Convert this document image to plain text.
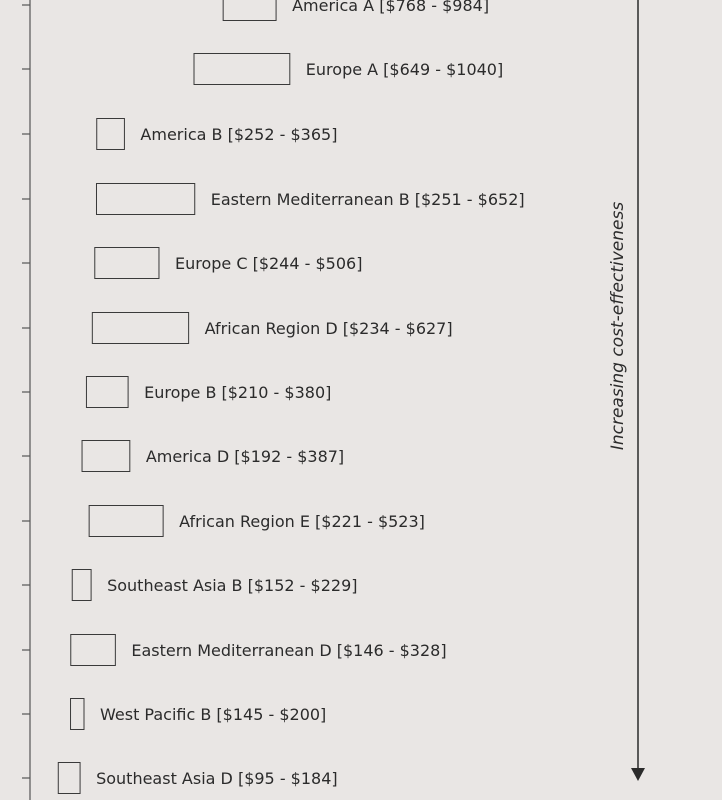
America A [$768 - $984]
Europe A [$649 - $1040]
America B [$252 - $365]
Eastern Mediterranean B [$251 - $652]
Europe C [$244 - $506]
African Region D [$234 - $627]
Europe B [$210 - $380]
America D [$192 - $387]
African Region E [$221 - $523]
Southeast Asia B [$152 - $229]
Eastern Mediterranean D [$146 - $328]
West Pacific B [$145 - $200]
Southeast Asia D [$95 - $184]
Increasing cost-effectiveness
